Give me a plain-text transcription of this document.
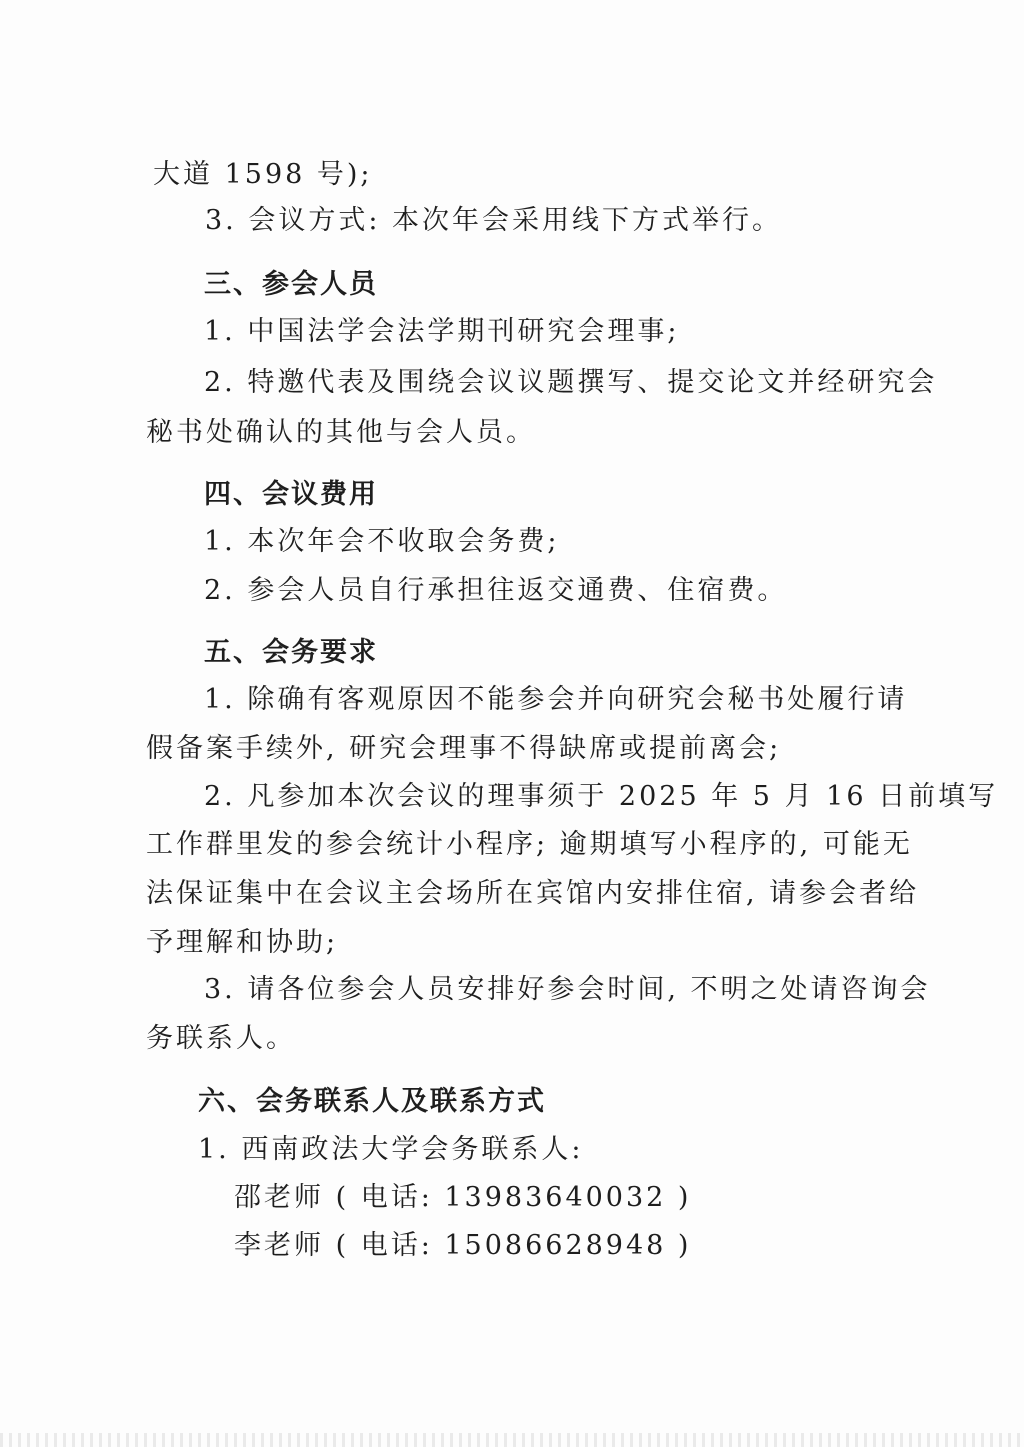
大道 1598 号);
3. 会议方式: 本次年会采用线下方式举行。
三、参会人员
1. 中国法学会法学期刊研究会理事;
2. 特邀代表及围绕会议议题撰写、提交论文并经研究会
秘书处确认的其他与会人员。
四、会议费用
1. 本次年会不收取会务费;
2. 参会人员自行承担往返交通费、住宿费。
五、会务要求
1. 除确有客观原因不能参会并向研究会秘书处履行请
假备案手续外, 研究会理事不得缺席或提前离会;
2. 凡参加本次会议的理事须于 2025 年 5 月 16 日前填写
工作群里发的参会统计小程序; 逾期填写小程序的, 可能无
法保证集中在会议主会场所在宾馆内安排住宿, 请参会者给
予理解和协助;
3. 请各位参会人员安排好参会时间, 不明之处请咨询会
务联系人。
六、会务联系人及联系方式
1. 西南政法大学会务联系人:
邵老师 ( 电话: 13983640032 )
李老师 ( 电话: 15086628948 )
